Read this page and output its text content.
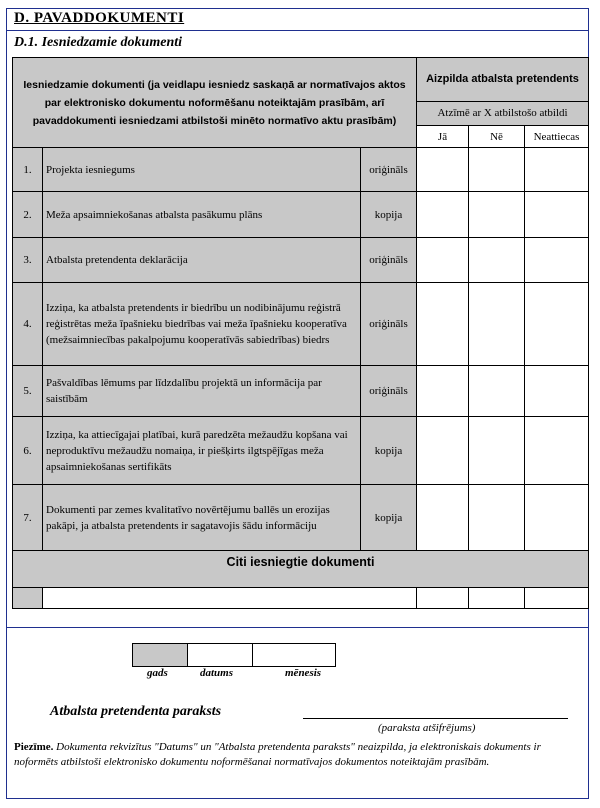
D. PAVADDOKUMENTI
D.1. Iesniedzamie dokumenti
Iesniedzamie dokumenti (ja veidlapu iesniedz saskaņā ar normatīvajos aktos par elektronisko dokumentu noformēšanu noteiktajām prasībām, arī pavaddokumenti iesniedzami atbilstoši minēto normatīvo aktu prasībām)			Aizpilda atbalsta pretendents		
			Atzīmē ar X atbilstošo atbildi		
			Jā	Nē	Neattiecas
1.	Projekta iesniegums	oriģināls			
2.	Meža apsaimniekošanas atbalsta pasākumu plāns	kopija			
3.	Atbalsta pretendenta deklarācija	oriģināls			
4.	Izziņa, ka atbalsta pretendents ir biedrību un nodibinājumu reģistrā reģistrētas meža īpašnieku biedrības vai meža īpašnieku kooperatīva (mežsaimniecības pakalpojumu kooperatīvās sabiedrības) biedrs	oriģināls			
5.	Pašvaldības lēmums par līdzdalību projektā un informācija par saistībām	oriģināls			
6.	Izziņa, ka attiecīgajai platībai, kurā paredzēta mežaudžu kopšana vai neproduktīvu mežaudžu nomaiņa, ir piešķirts ilgtspējīgas meža apsaimniekošanas sertifikāts	kopija			
7.	Dokumenti par zemes kvalitatīvo novērtējumu ballēs un erozijas pakāpi, ja atbalsta pretendents ir sagatavojis šādu informāciju	kopija			
Citi iesniegtie dokumenti					

gads	datums	mēnesis
Atbalsta pretendenta paraksts
(paraksta atšifrējums)
Piezīme. Dokumenta rekvizītus "Datums" un "Atbalsta pretendenta paraksts" neaizpilda, ja elektroniskais dokuments ir noformēts atbilstoši elektronisko dokumentu noformēšanai normatīvajos dokumentos noteiktajām prasībām.
